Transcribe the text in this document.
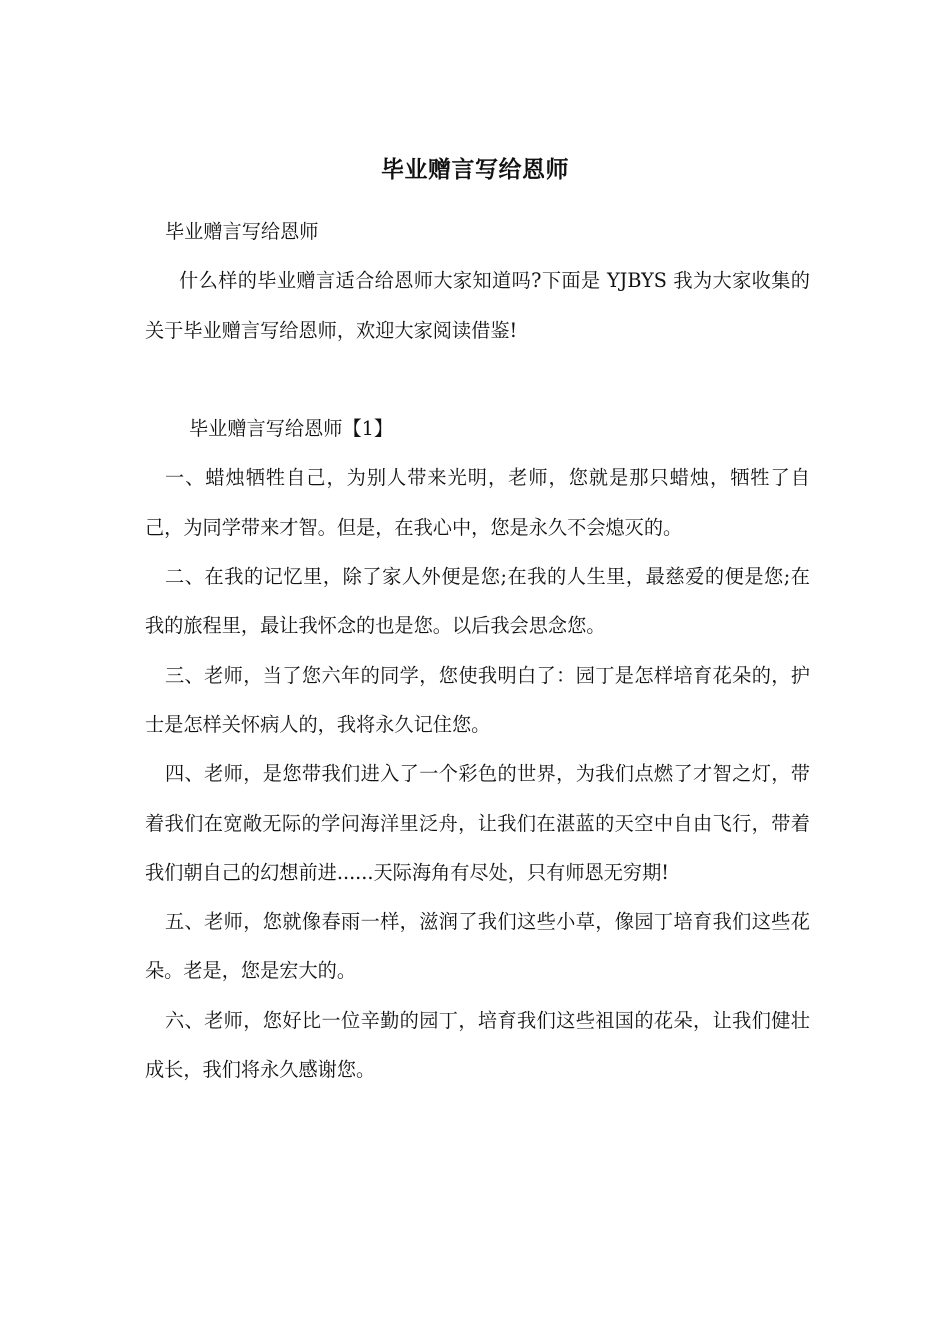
毕业赠言写给恩师

毕业赠言写给恩师

什么样的毕业赠言适合给恩师大家知道吗?下面是 YJBYS 我为大家收集的关于毕业赠言写给恩师，欢迎大家阅读借鉴!

毕业赠言写给恩师【1】

一、蜡烛牺牲自己，为别人带来光明，老师，您就是那只蜡烛，牺牲了自己，为同学带来才智。但是，在我心中，您是永久不会熄灭的。

二、在我的记忆里，除了家人外便是您;在我的人生里，最慈爱的便是您;在我的旅程里，最让我怀念的也是您。以后我会思念您。

三、老师，当了您六年的同学，您使我明白了：园丁是怎样培育花朵的，护士是怎样关怀病人的，我将永久记住您。

四、老师，是您带我们进入了一个彩色的世界，为我们点燃了才智之灯，带着我们在宽敞无际的学问海洋里泛舟，让我们在湛蓝的天空中自由飞行，带着我们朝自己的幻想前进......天际海角有尽处，只有师恩无穷期!

五、老师，您就像春雨一样，滋润了我们这些小草，像园丁培育我们这些花朵。老是，您是宏大的。

六、老师，您好比一位辛勤的园丁，培育我们这些祖国的花朵，让我们健壮成长，我们将永久感谢您。
